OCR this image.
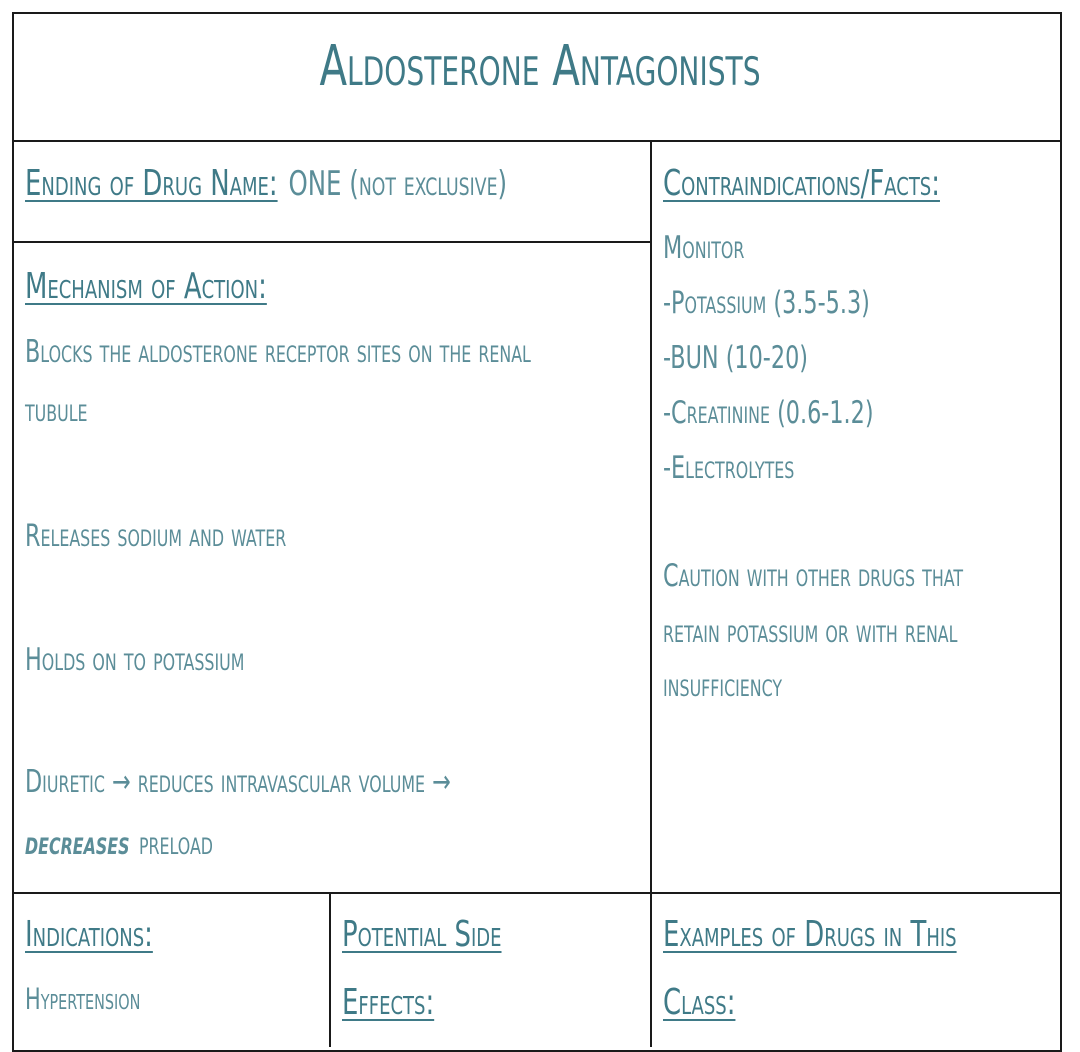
Aldosterone Antagonists
Ending of Drug Name: ONE (not exclusive)
Mechanism of Action:
Blocks the aldosterone receptor sites on the renal
tubule
Releases sodium and water
Holds on to potassium
Diuretic → reduces intravascular volume →
decreases preload
Contraindications/Facts:
Monitor
-Potassium (3.5-5.3)
-BUN (10-20)
-Creatinine (0.6-1.2)
-Electrolytes
Caution with other drugs that
retain potassium or with renal
insufficiency
Indications:
Hypertension
Potential Side
Effects:
Examples of Drugs in This
Class:
